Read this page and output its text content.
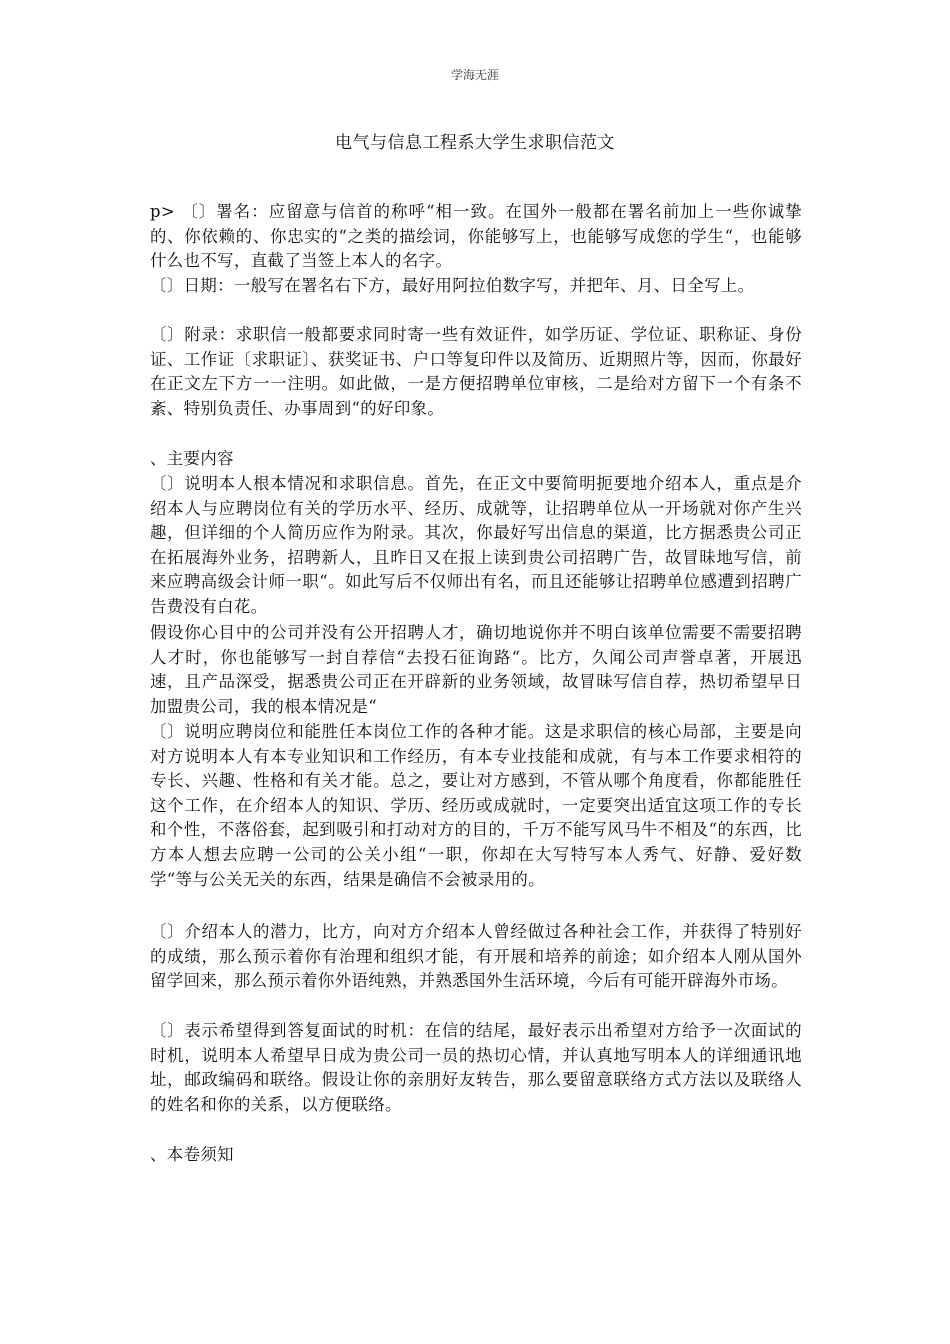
学海无涯
电气与信息工程系大学生求职信范文

p> 〔〕署名：应留意与信首的称呼“相一致。在国外一般都在署名前加上一些你诚挚的、你依赖的、你忠实的“之类的描绘词，你能够写上，也能够写成您的学生“，也能够什么也不写，直截了当签上本人的名字。

〔〕日期：一般写在署名右下方，最好用阿拉伯数字写，并把年、月、日全写上。

〔〕附录：求职信一般都要求同时寄一些有效证件，如学历证、学位证、职称证、身份证、工作证〔求职证〕、获奖证书、户口等复印件以及简历、近期照片等，因而，你最好在正文左下方一一注明。如此做，一是方便招聘单位审核，二是给对方留下一个有条不紊、特别负责任、办事周到“的好印象。

、主要内容

〔〕说明本人根本情况和求职信息。首先，在正文中要简明扼要地介绍本人，重点是介绍本人与应聘岗位有关的学历水平、经历、成就等，让招聘单位从一开场就对你产生兴趣，但详细的个人简历应作为附录。其次，你最好写出信息的渠道，比方据悉贵公司正在拓展海外业务，招聘新人，且昨日又在报上读到贵公司招聘广告，故冒昧地写信，前来应聘高级会计师一职“。如此写后不仅师出有名，而且还能够让招聘单位感遭到招聘广告费没有白花。

假设你心目中的公司并没有公开招聘人才，确切地说你并不明白该单位需要不需要招聘人才时，你也能够写一封自荐信“去投石征询路“。比方，久闻公司声誉卓著，开展迅速，且产品深受，据悉贵公司正在开辟新的业务领域，故冒昧写信自荐，热切希望早日加盟贵公司，我的根本情况是“

〔〕说明应聘岗位和能胜任本岗位工作的各种才能。这是求职信的核心局部，主要是向对方说明本人有本专业知识和工作经历，有本专业技能和成就，有与本工作要求相符的专长、兴趣、性格和有关才能。总之，要让对方感到，不管从哪个角度看，你都能胜任这个工作，在介绍本人的知识、学历、经历或成就时，一定要突出适宜这项工作的专长和个性，不落俗套，起到吸引和打动对方的目的，千万不能写风马牛不相及“的东西，比方本人想去应聘一公司的公关小组“一职，你却在大写特写本人秀气、好静、爱好数学“等与公关无关的东西，结果是确信不会被录用的。

〔〕介绍本人的潜力，比方，向对方介绍本人曾经做过各种社会工作，并获得了特别好的成绩，那么预示着你有治理和组织才能，有开展和培养的前途；如介绍本人刚从国外留学回来，那么预示着你外语纯熟，并熟悉国外生活环境，今后有可能开辟海外市场。

〔〕表示希望得到答复面试的时机：在信的结尾，最好表示出希望对方给予一次面试的时机，说明本人希望早日成为贵公司一员的热切心情，并认真地写明本人的详细通讯地址，邮政编码和联络。假设让你的亲朋好友转告，那么要留意联络方式方法以及联络人的姓名和你的关系，以方便联络。

、本卷须知
